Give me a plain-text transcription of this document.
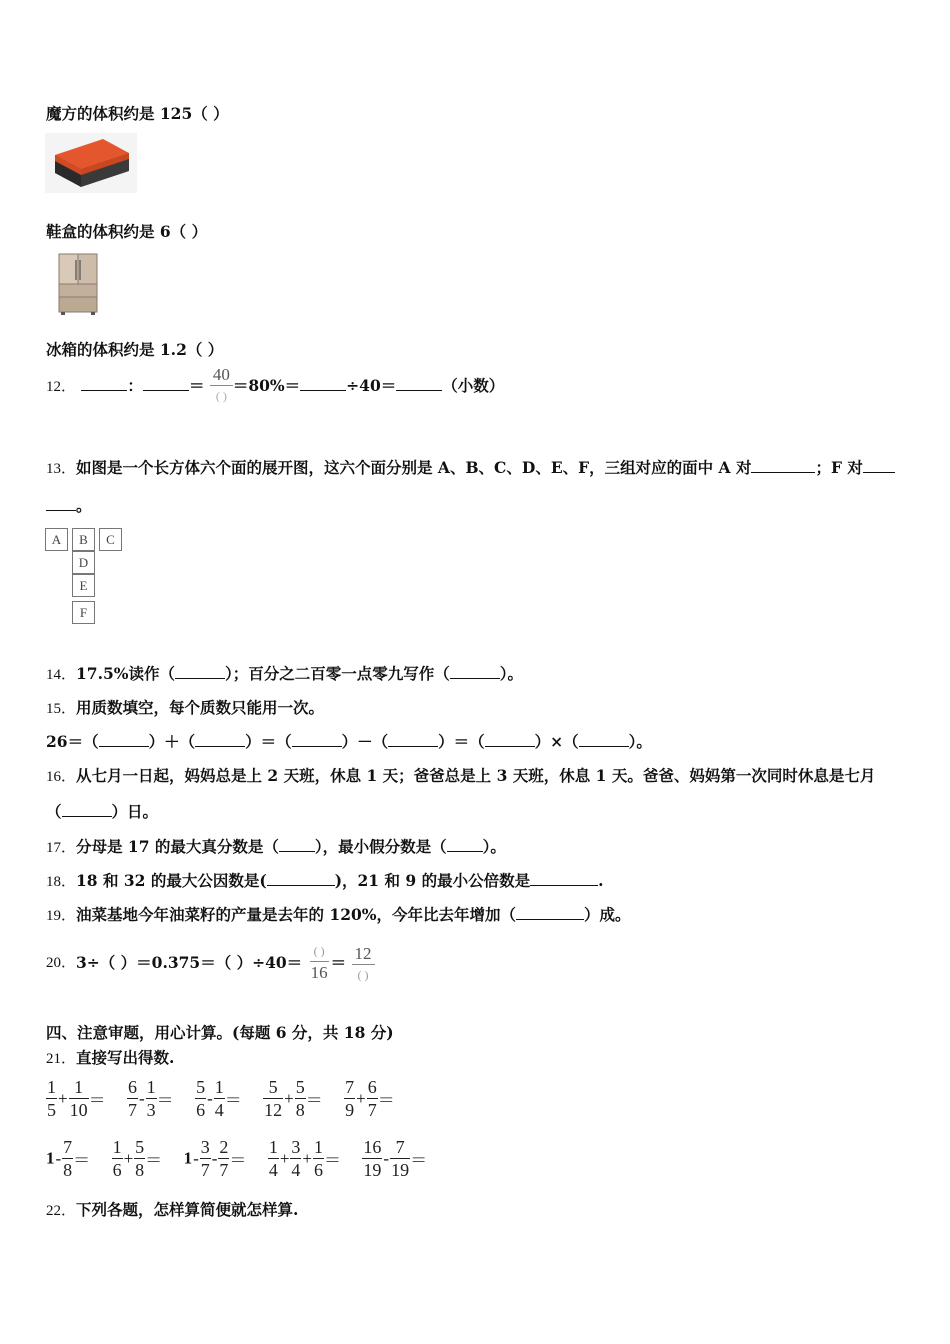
魔方的体积约是 125（ ）
鞋盒的体积约是 6（ ）
冰箱的体积约是 1.2（ ）
12．	：	＝ $\frac{40}{( )} =80\%=$	÷40＝	（小数）
13．如图是一个长方体六个面的展开图，这六个面分别是 A、B、C、D、E、F，三组对应的面中 A 对	；F 对
。
A	B	C
D
E
F
14．17.5%读作（	）；百分之二百零一点零九写作（	）。
15．用质数填空，每个质数只能用一次。
26＝（	）＋（	）＝（	）－（	）＝（	）×（	）。
16．从七月一日起，妈妈总是上 2 天班，休息 1 天；爸爸总是上 3 天班，休息 1 天。爸爸、妈妈第一次同时休息是七月
（	）日。
17．分母是 17 的最大真分数是（ ），最小假分数是（ ）。
18．18 和 32 的最大公因数是(	)，21 和 9 的最小公倍数是	.
19．油菜基地今年油菜籽的产量是去年的 120%，今年比去年增加（	）成。
20．3÷（ ）＝0.375＝（ ）$\div 40= \frac{( )}{16} = \frac{12}{( )}$
四、注意审题，用心计算。(每题 6 分，共 18 分)
21．直接写出得数.
$\frac{1}{5} + \frac{1}{10} = \frac{6}{7} - \frac{1}{3} = \frac{5}{6} - \frac{1}{4} = \frac{5}{12} + \frac{5}{8} = \frac{7}{9} + \frac{6}{7}$ ＝
$1- \frac{7}{8} = \frac{1}{6} + \frac{5}{8} = 1- \frac{3}{7} - \frac{2}{7} = \frac{1}{4} + \frac{3}{4} + \frac{1}{6} = \frac{16}{19} - \frac{7}{19}$ ＝
22．下列各题，怎样算简便就怎样算.
